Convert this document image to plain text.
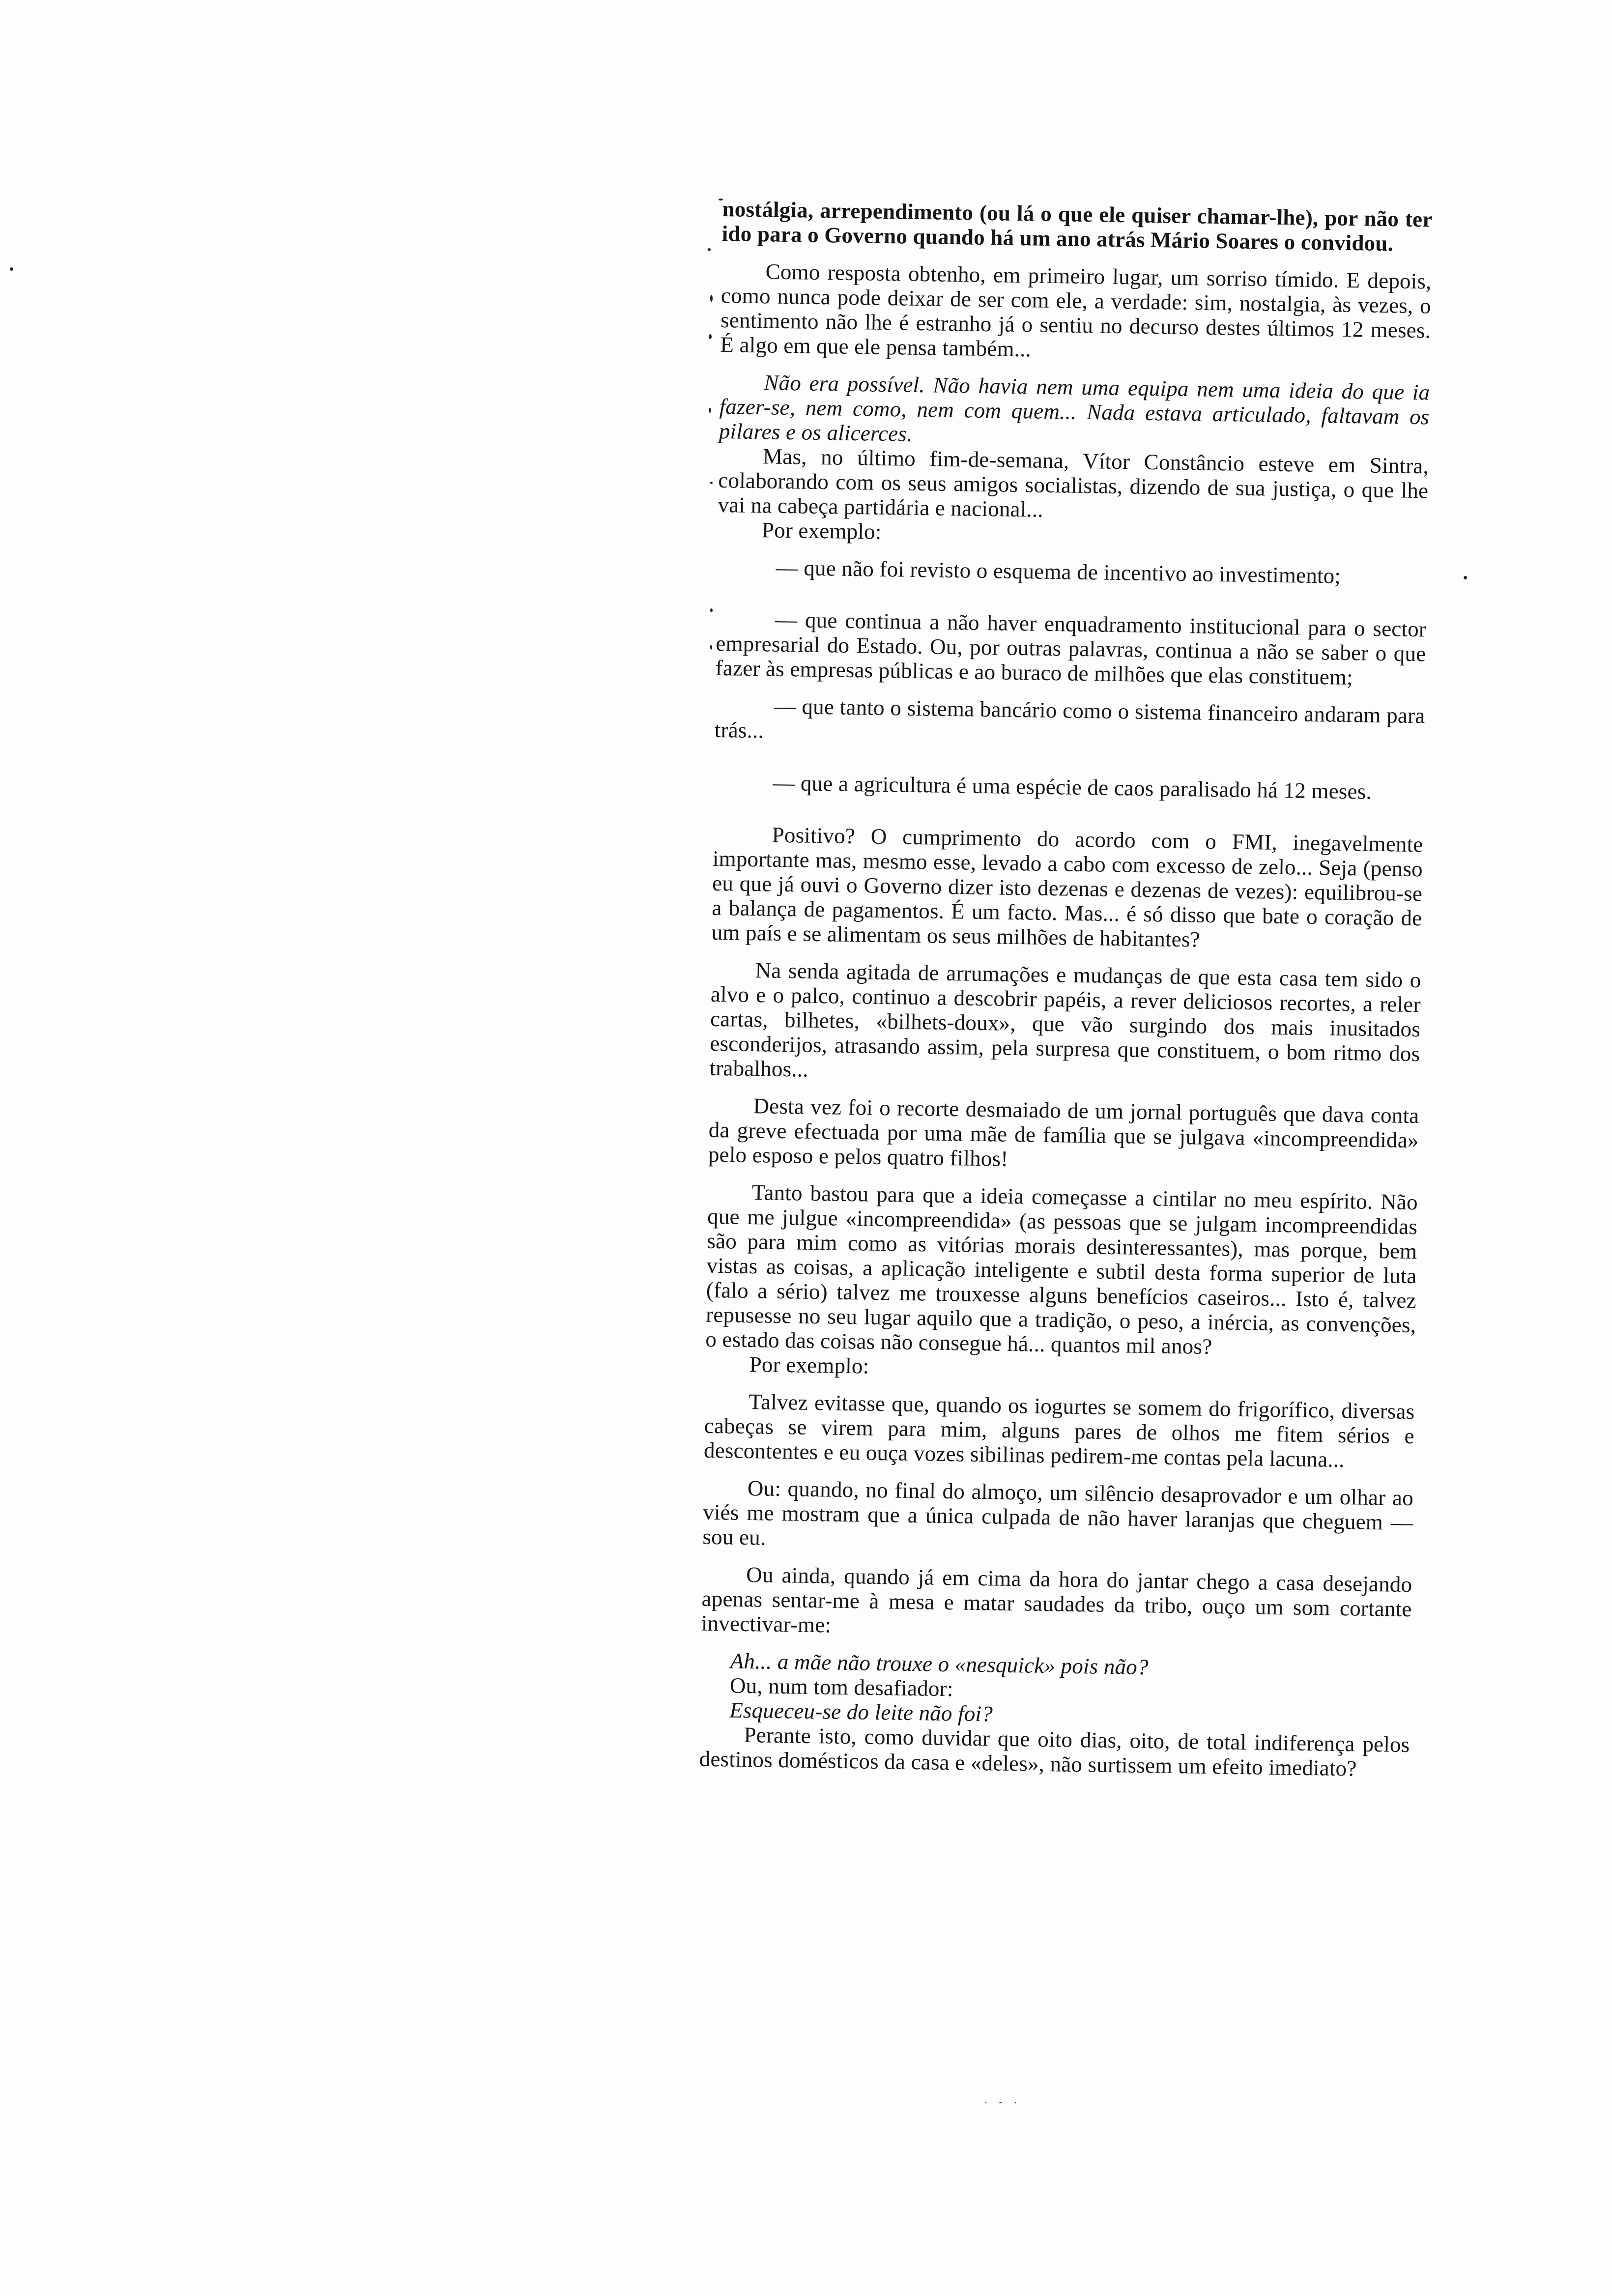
nostálgia, arrependimento (ou lá o que ele quiser chamar-lhe), por não ter ido para o Governo quando há um ano atrás Mário Soares o convidou.

Como resposta obtenho, em primeiro lugar, um sorriso tímido. E depois, como nunca pode deixar de ser com ele, a verdade: sim, nostalgia, às vezes, o sentimento não lhe é estranho já o sentiu no decurso destes últimos 12 meses. É algo em que ele pensa também...

Não era possível. Não havia nem uma equipa nem uma ideia do que ia fazer-se, nem como, nem com quem... Nada estava articulado, faltavam os pilares e os alicerces.

Mas, no último fim-de-semana, Vítor Constâncio esteve em Sintra, colaborando com os seus amigos socialistas, dizendo de sua justiça, o que lhe vai na cabeça partidária e nacional...

Por exemplo:

— que não foi revisto o esquema de incentivo ao investimento;

— que continua a não haver enquadramento institucional para o sector empresarial do Estado. Ou, por outras palavras, continua a não se saber o que fazer às empresas públicas e ao buraco de milhões que elas constituem;

— que tanto o sistema bancário como o sistema financeiro andaram para trás...

— que a agricultura é uma espécie de caos paralisado há 12 meses.

Positivo? O cumprimento do acordo com o FMI, inegavelmente importante mas, mesmo esse, levado a cabo com excesso de zelo... Seja (penso eu que já ouvi o Governo dizer isto dezenas e dezenas de vezes): equilibrou-se a balança de pagamentos. É um facto. Mas... é só disso que bate o coração de um país e se alimentam os seus milhões de habitantes?

Na senda agitada de arrumações e mudanças de que esta casa tem sido o alvo e o palco, continuo a descobrir papéis, a rever deliciosos recortes, a reler cartas, bilhetes, «bilhets-doux», que vão surgindo dos mais inusitados esconderijos, atrasando assim, pela surpresa que constituem, o bom ritmo dos trabalhos...

Desta vez foi o recorte desmaiado de um jornal português que dava conta da greve efectuada por uma mãe de família que se julgava «incompreendida» pelo esposo e pelos quatro filhos!

Tanto bastou para que a ideia começasse a cintilar no meu espírito. Não que me julgue «incompreendida» (as pessoas que se julgam incompreendidas são para mim como as vitórias morais desinteressantes), mas porque, bem vistas as coisas, a aplicação inteligente e subtil desta forma superior de luta (falo a sério) talvez me trouxesse alguns benefícios caseiros... Isto é, talvez repusesse no seu lugar aquilo que a tradição, o peso, a inércia, as convenções, o estado das coisas não consegue há... quantos mil anos?

Por exemplo:

Talvez evitasse que, quando os iogurtes se somem do frigorífico, diversas cabeças se virem para mim, alguns pares de olhos me fitem sérios e descontentes e eu ouça vozes sibilinas pedirem-me contas pela lacuna...

Ou: quando, no final do almoço, um silêncio desaprovador e um olhar ao viés me mostram que a única culpada de não haver laranjas que cheguem — sou eu.

Ou ainda, quando já em cima da hora do jantar chego a casa desejando apenas sentar-me à mesa e matar saudades da tribo, ouço um som cortante invectivar-me:

Ah... a mãe não trouxe o «nesquick» pois não?

Ou, num tom desafiador:

Esqueceu-se do leite não foi?

Perante isto, como duvidar que oito dias, oito, de total indiferença pelos destinos domésticos da casa e «deles», não surtissem um efeito imediato?

·‑·
